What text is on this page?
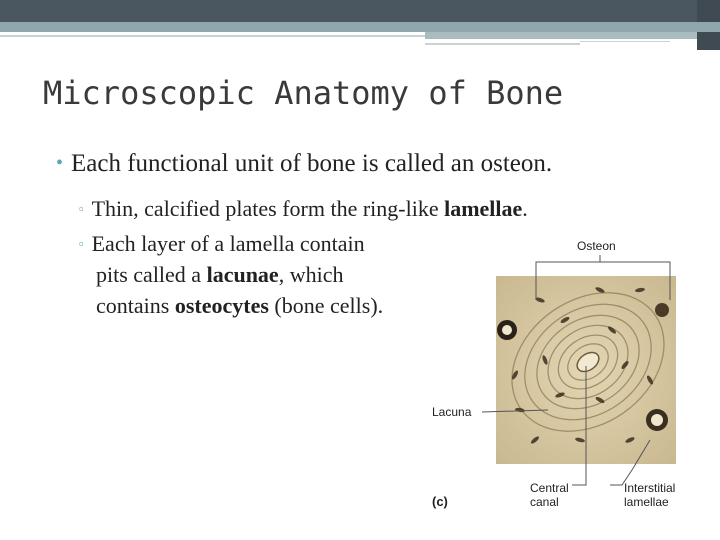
Microscopic Anatomy of Bone
• Each functional unit of bone is called an osteon.
▫ Thin, calcified plates form the ring-like lamellae.
▫ Each layer of a lamella contain
pits called a lacunae, which
contains osteocytes (bone cells).
Osteon
Lacuna
Central
canal
Interstitial
lamellae
(c)
